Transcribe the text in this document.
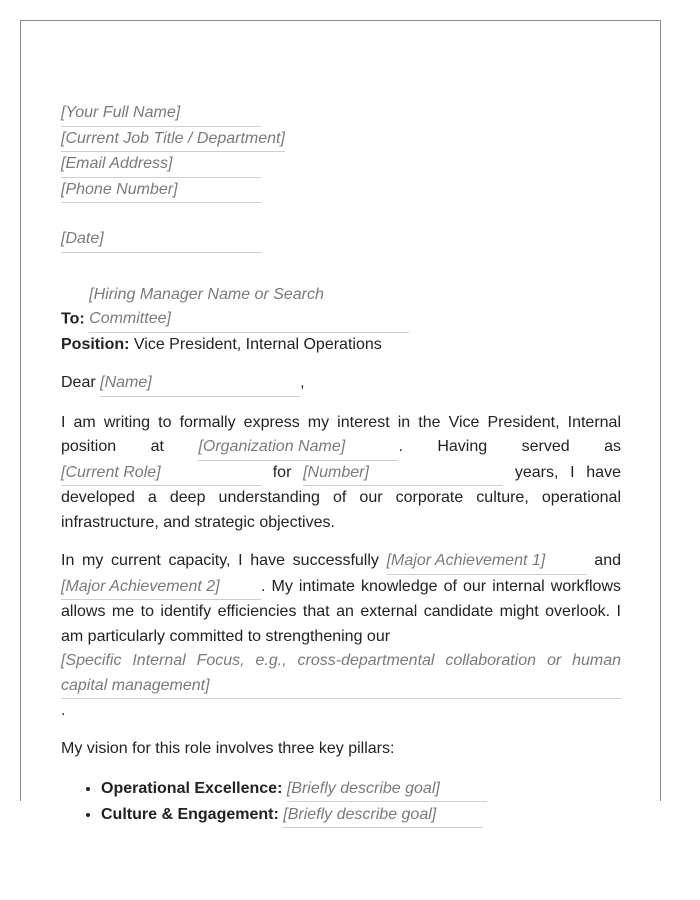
[Your Full Name]
[Current Job Title / Department]
[Email Address]
[Phone Number]
[Date]

To: [Hiring Manager Name or Search Committee]

Position: Vice President, Internal Operations

Dear [Name]	,

I am writing to formally express my interest in the Vice President, Internal position at [Organization Name]	. Having served as [Current Role]	for [Number]	years, I have developed a deep understanding of our corporate culture, operational infrastructure, and strategic objectives.

In my current capacity, I have successfully [Major Achievement 1]	and [Major Achievement 2]	. My intimate knowledge of our internal workflows allows me to identify efficiencies that an external candidate might overlook. I am particularly committed to strengthening our
[Specific Internal Focus, e.g., cross-departmental collaboration or human capital management]
.

My vision for this role involves three key pillars:

• Operational Excellence: [Briefly describe goal]
• Culture & Engagement: [Briefly describe goal]
